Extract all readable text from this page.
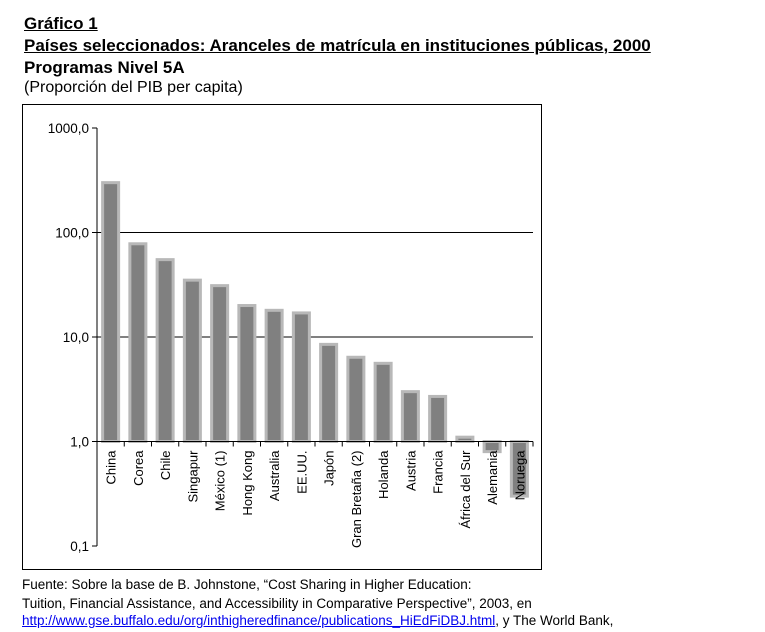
Gráfico 1
Países seleccionados: Aranceles de matrícula en instituciones públicas, 2000
Programas Nivel 5A
(Proporción del PIB per capita)
0,1
1,0
10,0
100,0
1000,0
China Corea Chile Singapur México (1) Hong Kong Australia EE.UU. Japón Gran Bretaña (2) Holanda Austria Francia África del Sur Alemania Noruega
Fuente: Sobre la base de B. Johnstone, “Cost Sharing in Higher Education:
Tuition, Financial Assistance, and Accessibility in Comparative Perspective”, 2003, en
http://www.gse.buffalo.edu/org/inthigheredfinance/publications_HiEdFiDBJ.html, y The World Bank,
